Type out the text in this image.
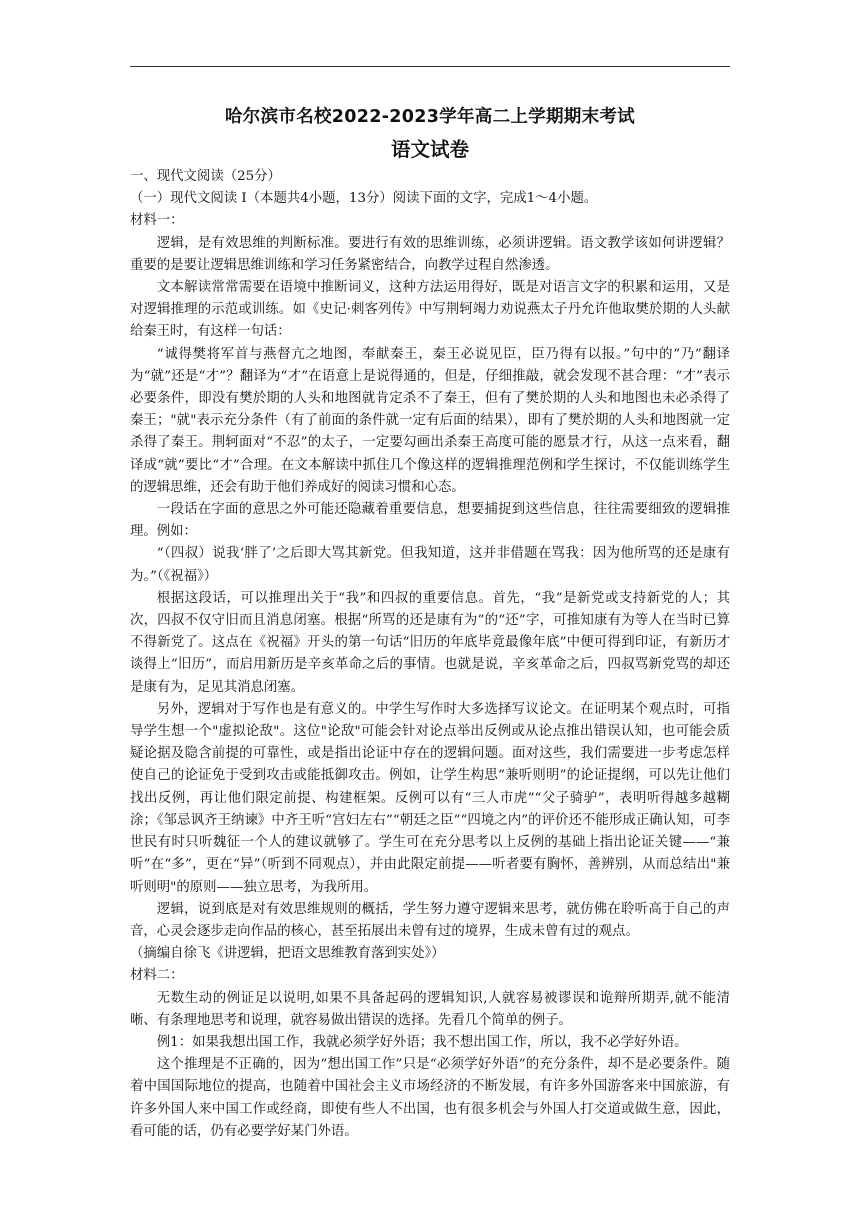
哈尔滨市名校2022-2023学年高二上学期期末考试
语文试卷

一、现代文阅读（25分）

（一）现代文阅读 Ⅰ（本题共4小题，13分）阅读下面的文字，完成1～4小题。

材料一：

逻辑，是有效思维的判断标准。要进行有效的思维训练，必须讲逻辑。语文教学该如何讲逻辑？重要的是要让逻辑思维训练和学习任务紧密结合，向教学过程自然渗透。

文本解读常常需要在语境中推断词义，这种方法运用得好，既是对语言文字的积累和运用，又是对逻辑推理的示范或训练。如《史记·刺客列传》中写荆轲竭力劝说燕太子丹允许他取樊於期的人头献给秦王时，有这样一句话：

“诚得樊将军首与燕督亢之地图，奉献秦王，秦王必说见臣，臣乃得有以报。”句中的“乃”翻译为“就”还是“才”？翻译为“才”在语意上是说得通的，但是，仔细推敲，就会发现不甚合理：“才”表示必要条件，即没有樊於期的人头和地图就肯定杀不了秦王，但有了樊於期的人头和地图也未必杀得了秦王；"就"表示充分条件（有了前面的条件就一定有后面的结果），即有了樊於期的人头和地图就一定杀得了秦王。荆轲面对“不忍”的太子，一定要勾画出杀秦王高度可能的愿景才行，从这一点来看，翻译成“就”要比“才”合理。在文本解读中抓住几个像这样的逻辑推理范例和学生探讨，不仅能训练学生的逻辑思维，还会有助于他们养成好的阅读习惯和心态。

一段话在字面的意思之外可能还隐藏着重要信息，想要捕捉到这些信息，往往需要细致的逻辑推理。例如：

“（四叔）说我‘胖了’之后即大骂其新党。但我知道，这并非借题在骂我：因为他所骂的还是康有为。”（《祝福》）

根据这段话，可以推理出关于“我”和四叔的重要信息。首先，“我”是新党或支持新党的人；其次，四叔不仅守旧而且消息闭塞。根据“所骂的还是康有为”的“还”字，可推知康有为等人在当时已算不得新党了。这点在《祝福》开头的第一句话“旧历的年底毕竟最像年底”中便可得到印证，有新历才谈得上“旧历”，而启用新历是辛亥革命之后的事情。也就是说，辛亥革命之后，四叔骂新党骂的却还是康有为，足见其消息闭塞。

另外，逻辑对于写作也是有意义的。中学生写作时大多选择写议论文。在证明某个观点时，可指导学生想一个"虚拟论敌"。这位"论敌"可能会针对论点举出反例或从论点推出错误认知，也可能会质疑论据及隐含前提的可靠性，或是指出论证中存在的逻辑问题。面对这些，我们需要进一步考虑怎样使自己的论证免于受到攻击或能抵御攻击。例如，让学生构思“兼听则明”的论证提纲，可以先让他们找出反例，再让他们限定前提、构建框架。反例可以有“三人市虎”“父子骑驴”，表明听得越多越糊涂；《邹忌讽齐王纳谏》中齐王听“宫妇左右”“朝廷之臣”“四境之内”的评价还不能形成正确认知，可李世民有时只听魏征一个人的建议就够了。学生可在充分思考以上反例的基础上指出论证关键——“兼听”在“多”，更在“异”（听到不同观点），并由此限定前提——听者要有胸怀，善辨别，从而总结出"兼听则明"的原则——独立思考，为我所用。

逻辑，说到底是对有效思维规则的概括，学生努力遵守逻辑来思考，就仿佛在聆听高于自己的声音，心灵会逐步走向作品的核心，甚至拓展出未曾有过的境界，生成未曾有过的观点。

（摘编自徐飞《讲逻辑，把语文思维教育落到实处》）

材料二：

无数生动的例证足以说明,如果不具备起码的逻辑知识,人就容易被谬误和诡辩所期弄,就不能清晰、有条理地思考和说理，就容易做出错误的选择。先看几个简单的例子。

例1：如果我想出国工作，我就必须学好外语；我不想出国工作，所以，我不必学好外语。

这个推理是不正确的，因为“想出国工作”只是“必须学好外语”的充分条件，却不是必要条件。随着中国国际地位的提高，也随着中国社会主义市场经济的不断发展，有许多外国游客来中国旅游，有许多外国人来中国工作或经商，即使有些人不出国，也有很多机会与外国人打交道或做生意，因此，看可能的话，仍有必要学好某门外语。
